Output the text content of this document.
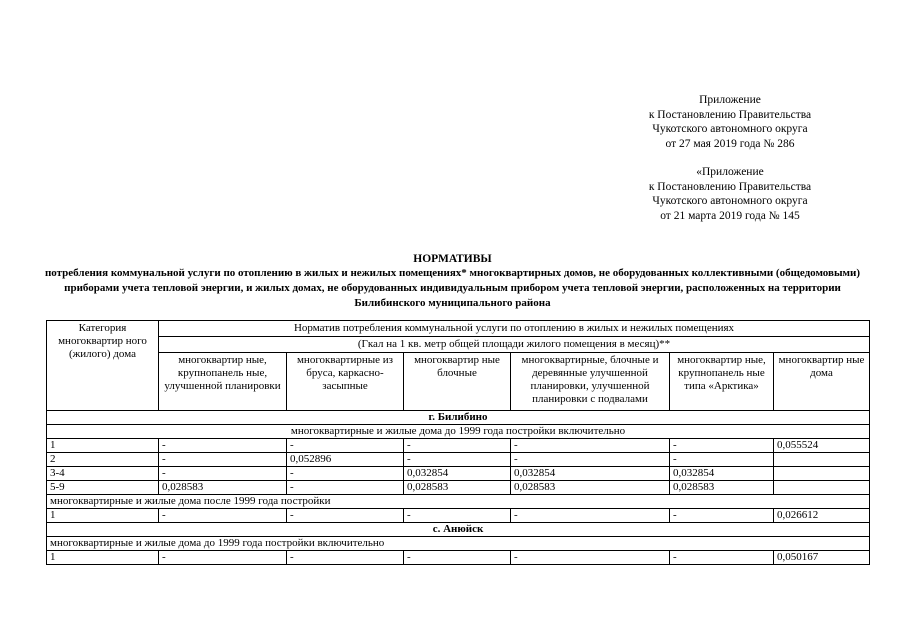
Приложение
к Постановлению Правительства
Чукотского автономного округа
от 27 мая 2019 года № 286
«Приложение
к Постановлению Правительства
Чукотского автономного округа
от 21 марта 2019 года № 145
НОРМАТИВЫ
потребления коммунальной услуги по отоплению в жилых и нежилых помещениях* многоквартирных домов, не оборудованных коллективными (общедомовыми) приборами учета тепловой энергии, и жилых домах, не оборудованных индивидуальным прибором учета тепловой энергии, расположенных на территории Билибинского муниципального района
Категория многоквартир ного (жилого) дома	Норматив потребления коммунальной услуги по отоплению в жилых и нежилых помещениях					
	(Гкал на 1 кв. метр общей площади жилого помещения в месяц)**					
	многоквартир ные, крупнопанель ные, улучшенной планировки	многоквартирные из бруса, каркасно-засыпные	многоквартир ные блочные	многоквартирные, блочные и деревянные улучшенной планировки, улучшенной планировки с подвалами	многоквартир ные, крупнопанель ные типа «Арктика»	многоквартир ные дома
г. Билибино						
многоквартирные и жилые дома до 1999 года постройки включительно						
1	-	-	-	-	-	0,055524
2	-	0,052896	-	-	-	
3-4	-	-	0,032854	0,032854	0,032854	
5-9	0,028583	-	0,028583	0,028583	0,028583	
многоквартирные и жилые дома после 1999 года постройки						
1	-	-	-	-	-	0,026612
с. Анюйск						
многоквартирные и жилые дома до 1999 года постройки включительно						
1	-	-	-	-	-	0,050167
